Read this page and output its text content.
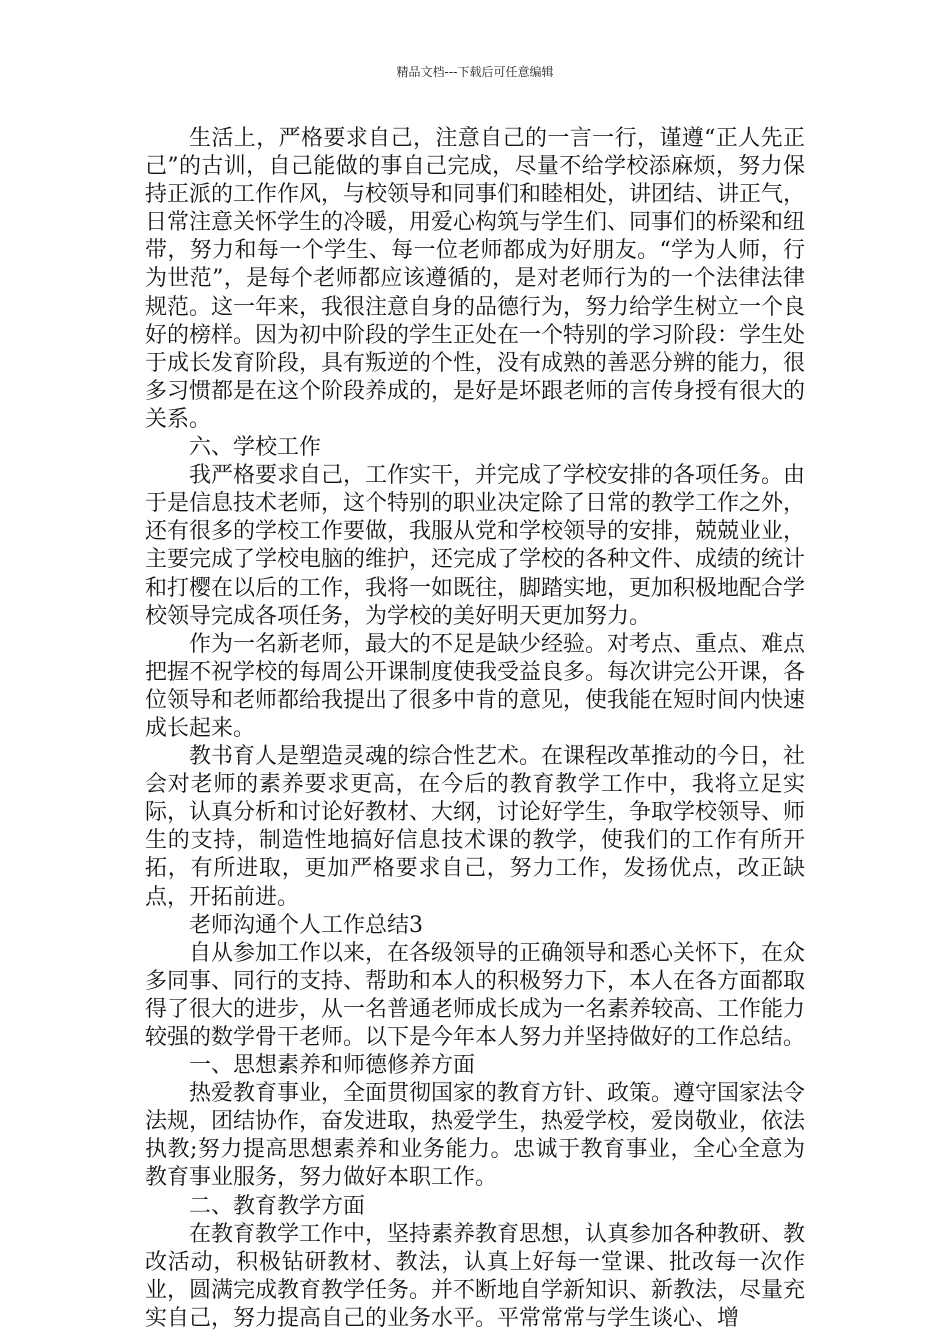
精品文档---下载后可任意编辑

生活上，严格要求自己，注意自己的一言一行，谨遵“正人先正己”的古训，自己能做的事自己完成，尽量不给学校添麻烦，努力保持正派的工作作风，与校领导和同事们和睦相处，讲团结、讲正气，日常注意关怀学生的冷暖，用爱心构筑与学生们、同事们的桥梁和纽带，努力和每一个学生、每一位老师都成为好朋友。“学为人师，行为世范”，是每个老师都应该遵循的，是对老师行为的一个法律法律规范。这一年来，我很注意自身的品德行为，努力给学生树立一个良好的榜样。因为初中阶段的学生正处在一个特别的学习阶段：学生处于成长发育阶段，具有叛逆的个性，没有成熟的善恶分辨的能力，很多习惯都是在这个阶段养成的，是好是坏跟老师的言传身授有很大的关系。

六、学校工作

我严格要求自己，工作实干，并完成了学校安排的各项任务。由于是信息技术老师，这个特别的职业决定除了日常的教学工作之外，还有很多的学校工作要做，我服从党和学校领导的安排，兢兢业业，主要完成了学校电脑的维护，还完成了学校的各种文件、成绩的统计和打樱在以后的工作，我将一如既往，脚踏实地，更加积极地配合学校领导完成各项任务，为学校的美好明天更加努力。

作为一名新老师，最大的不足是缺少经验。对考点、重点、难点把握不祝学校的每周公开课制度使我受益良多。每次讲完公开课，各位领导和老师都给我提出了很多中肯的意见，使我能在短时间内快速成长起来。

教书育人是塑造灵魂的综合性艺术。在课程改革推动的今日，社会对老师的素养要求更高，在今后的教育教学工作中，我将立足实际，认真分析和讨论好教材、大纲，讨论好学生，争取学校领导、师生的支持，制造性地搞好信息技术课的教学，使我们的工作有所开拓，有所进取，更加严格要求自己，努力工作，发扬优点，改正缺点，开拓前进。

老师沟通个人工作总结3

自从参加工作以来，在各级领导的正确领导和悉心关怀下，在众多同事、同行的支持、帮助和本人的积极努力下，本人在各方面都取得了很大的进步，从一名普通老师成长成为一名素养较高、工作能力较强的数学骨干老师。以下是今年本人努力并坚持做好的工作总结。

一、思想素养和师德修养方面

热爱教育事业，全面贯彻国家的教育方针、政策。遵守国家法令法规，团结协作，奋发进取，热爱学生，热爱学校，爱岗敬业，依法执教;努力提高思想素养和业务能力。忠诚于教育事业，全心全意为教育事业服务，努力做好本职工作。

二、教育教学方面

在教育教学工作中，坚持素养教育思想，认真参加各种教研、教改活动，积极钻研教材、教法，认真上好每一堂课、批改每一次作业，圆满完成教育教学任务。并不断地自学新知识、新教法，尽量充实自己，努力提高自己的业务水平。平常常常与学生谈心、增
